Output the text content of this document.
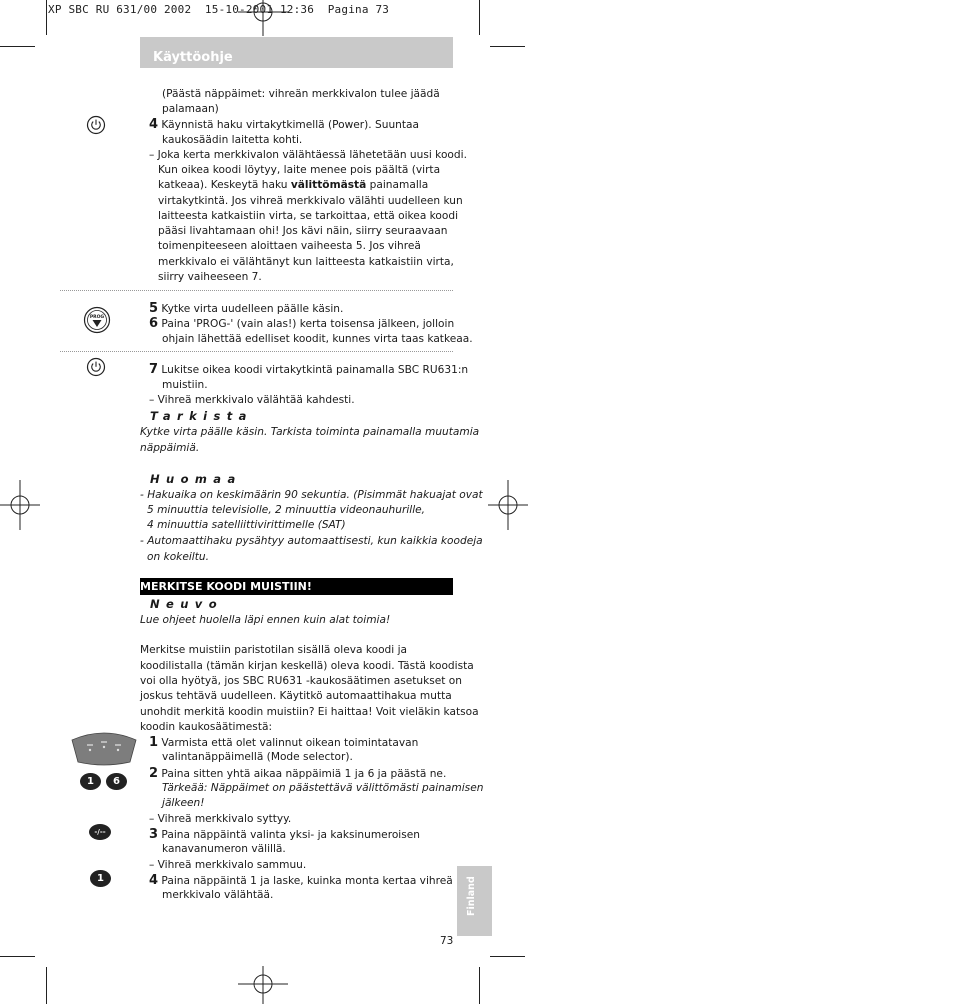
XP SBC RU 631/00 2002  15-10-2001 12:36  Pagina 73
Käyttöohje
PROG
1	6
-/--
1
(Päästä näppäimet: vihreän merkkivalon tulee jäädä
palamaan)
4 Käynnistä haku virtakytkimellä (Power). Suuntaa
kaukosäädin laitetta kohti.
– Joka kerta merkkivalon välähtäessä lähetetään uusi koodi.
Kun oikea koodi löytyy, laite menee pois päältä (virta
katkeaa). Keskeytä haku välittömästä painamalla
virtakytkintä. Jos vihreä merkkivalo välähti uudelleen kun
laitteesta katkaistiin virta, se tarkoittaa, että oikea koodi
pääsi livahtamaan ohi! Jos kävi näin, siirry seuraavaan
toimenpiteeseen aloittaen vaiheesta 5. Jos vihreä
merkkivalo ei välähtänyt kun laitteesta katkaistiin virta,
siirry vaiheeseen 7.
5 Kytke virta uudelleen päälle käsin.
6 Paina 'PROG-' (vain alas!) kerta toisensa jälkeen, jolloin
ohjain lähettää edelliset koodit, kunnes virta taas katkeaa.
7 Lukitse oikea koodi virtakytkintä painamalla SBC RU631:n
muistiin.
– Vihreä merkkivalo välähtää kahdesti.
Tarkista
Kytke virta päälle käsin. Tarkista toiminta painamalla muutamia
näppäimiä.
Huomaa
- Hakuaika on keskimäärin 90 sekuntia. (Pisimmät hakuajat ovat
5 minuuttia televisiolle, 2 minuuttia videonauhurille,
4 minuuttia satelliittivirittimelle (SAT)
- Automaattihaku pysähtyy automaattisesti, kun kaikkia koodeja
on kokeiltu.
MERKITSE KOODI MUISTIIN!
Neuvo
Lue ohjeet huolella läpi ennen kuin alat toimia!
Merkitse muistiin paristotilan sisällä oleva koodi ja
koodilistalla (tämän kirjan keskellä) oleva koodi. Tästä koodista
voi olla hyötyä, jos SBC RU631 -kaukosäätimen asetukset on
joskus tehtävä uudelleen. Käytitkö automaattihakua mutta
unohdit merkitä koodin muistiin? Ei haittaa! Voit vieläkin katsoa
koodin kaukosäätimestä:
1 Varmista että olet valinnut oikean toimintatavan
valintanäppäimellä (Mode selector).
2 Paina sitten yhtä aikaa näppäimiä 1 ja 6 ja päästä ne.
Tärkeää: Näppäimet on päästettävä välittömästi painamisen
jälkeen!
– Vihreä merkkivalo syttyy.
3 Paina näppäintä valinta yksi- ja kaksinumeroisen
kanavanumeron välillä.
– Vihreä merkkivalo sammuu.
4 Paina näppäintä 1 ja laske, kuinka monta kertaa vihreä
merkkivalo välähtää.	Finland
73
